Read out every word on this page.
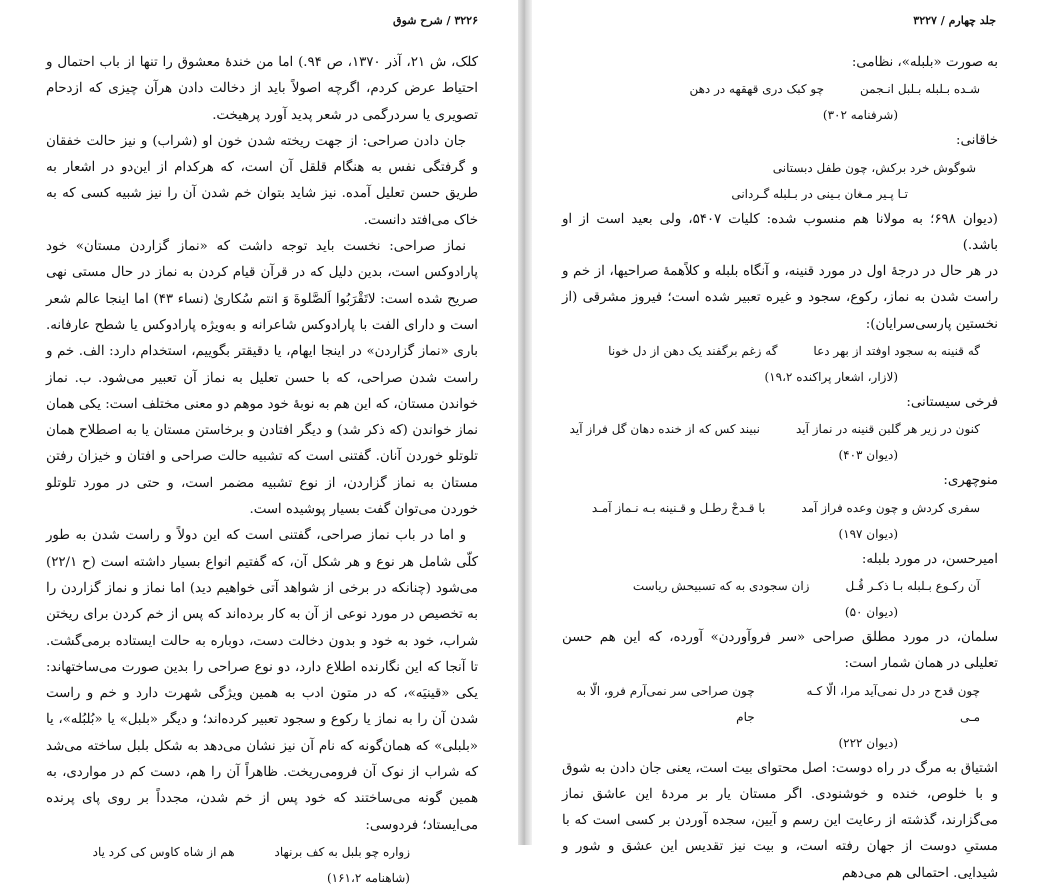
۳۲۲۶ / شرح شوق

کلک، ش ۲۱، آذر ۱۳۷۰، ص ۹۴.) اما من خندهٔ معشوق را تنها از باب احتمال و احتیاط عرض کردم، اگرچه اصولاً باید از دخالت دادن هرآن چیزی که ازدحام تصویری یا سردرگمی در شعر پدید آورد پرهیخت.

جان دادن صراحی: از جهت ریخته شدن خون او (شراب) و نیز حالت خفقان و گرفتگی نفس به هنگام قلقل آن است، که هرکدام از این‌دو در اشعار به طریق حسن تعلیل آمده. نیز شاید بتوان خم شدن آن را نیز شبیه کسی که به خاک می‌افتد دانست.

نماز صراحی: نخست باید توجه داشت که «نماز گزاردن مستان» خود پارادوکس است، بدین دلیل که در قرآن قیام کردن به نماز در حال مستی نهی صریح شده است: لاتَقْرَبُوا اَلصَّلوةَ وَ انتم سُکاریٰ (نساء ۴۳) اما اینجا عالم شعر است و دارای الفت با پارادوکس شاعرانه و به‌ویژه پارادوکس یا شطح عارفانه. باری «نماز گزاردن» در اینجا ایهام، یا دقیقتر بگوییم، استخدام دارد: الف. خم و راست شدن صراحی، که با حسن تعلیل به نماز آن تعبیر می‌شود. ب. نماز خواندن مستان، که این هم به نوبهٔ خود موهم دو معنی مختلف است: یکی همان نماز خواندن (که ذکر شد) و دیگر افتادن و برخاستن مستان یا به اصطلاح همان تلوتلو خوردن آنان. گفتنی است که تشبیه حالت صراحی و افتان و خیزان رفتن مستان به نماز گزاردن، از نوع تشبیه مضمر است، و حتی در مورد تلوتلو خوردن می‌توان گفت بسیار پوشیده است.

و اما در باب نماز صراحی، گفتنی است که این دولاً و راست شدن به طور کلّی شامل هر نوع و هر شکل آن، که گفتیم انواع بسیار داشته است (ح ۲۲/۱) می‌شود (چنانکه در برخی از شواهد آتی خواهیم دید) اما نماز و نماز گزاردن را به تخصیص در مورد نوعی از آن به کار برده‌اند که پس از خم کردن برای ریختن شراب، خود به خود و بدون دخالت دست، دوباره به حالت ایستاده برمی‌گشت. تا آنجا که این نگارنده اطلاع دارد، دو نوع صراحی را بدین صورت می‌ساختهاند: یکی «قینیَه»، که در متون ادب به همین ویژگی شهرت دارد و خم و راست شدن آن را به نماز یا رکوع و سجود تعبیر کرده‌اند؛ و دیگر «بلبل» یا «بُلبُله»، یا «بلبلی» که همان‌گونه که نام آن نیز نشان می‌دهد به شکل بلبل ساخته می‌شد که شراب از نوک آن فرومی‌ریخت. ظاهراً آن را هم، دست کم در مواردی، به همین گونه می‌ساختند که خود پس از خم شدن، مجدداً بر روی پای پرنده می‌ایستاد؛ فردوسی:

زواره چو بلبل به کف برنهاد
هم از شاه کاوس کی کرد یاد
(شاهنامه ۱۶۱،۲)
جلد چهارم / ۳۲۲۷

به صورت «بلبله»، نظامی:

شـده بـلبله بـلبل انـجمن
چو کبک دری قهقهه در دهن
(شرفنامه ۳۰۲)

خاقانی:

شوگوش خرد برکش، چون طفل دبستانی
تـا پـیر مـغان بـینی در بـلبله گـردانی

(دیوان ۶۹۸؛ به مولانا هم منسوب شده: کلیات ۵۴۰۷، ولی بعید است از او باشد.)

در هر حال در درجهٔ اول در مورد قنینه، و آنگاه بلبله و کلاًهمهٔ صراحیها، از خم و راست شدن به نماز، رکوع، سجود و غیره تعبیر شده است؛ فیروز مشرقی (از نخستین پارسی‌سرایان):

گه قنینه به سجود اوفتد از بهر دعا
گه زغم برگفند یک دهن از دل خونا
(لازار، اشعار پراکنده ۱۹،۲)

فرخی سیستانی:

کنون در زیر هر گلبن قنینه در نماز آید
نبیند کس که از خنده دهان گل فراز آید
(دیوان ۴۰۳)

منوچهری:

سفری کردش و چون وعده فراز آمد
با قـدحْ رطـل و قـنینه بـه نـماز آمـد
(دیوان ۱۹۷)

امیرحسن، در مورد بلبله:

آن رکـوع بـلبله بـا ذکـر قُـل
زان سجودی به که تسبیحش ریاست
(دیوان ۵۰)

سلمان، در مورد مطلق صراحی «سر فروآوردن» آورده، که این هم حسن تعلیلی در همان شمار است:

چون قدح در دل نمی‌آید مرا، الّا کـه مـی
چون صراحی سر نمی‌آرم فرو، الّا به جام
(دیوان ۲۲۲)

اشتیاق به مرگ در راه دوست: اصل محتوای بیت است، یعنی جان دادن به شوق و با خلوص، خنده و خوشنودی. اگر مستان یار بر مردهٔ این عاشق نماز می‌گزارند، گذشته از رعایت این رسم و آیین، سجده آوردن بر کسی است که با مستیِ دوست از جهان رفته است، و بیت نیز تقدیس این عشق و شور و شیدایی. احتمالی هم می‌دهم
